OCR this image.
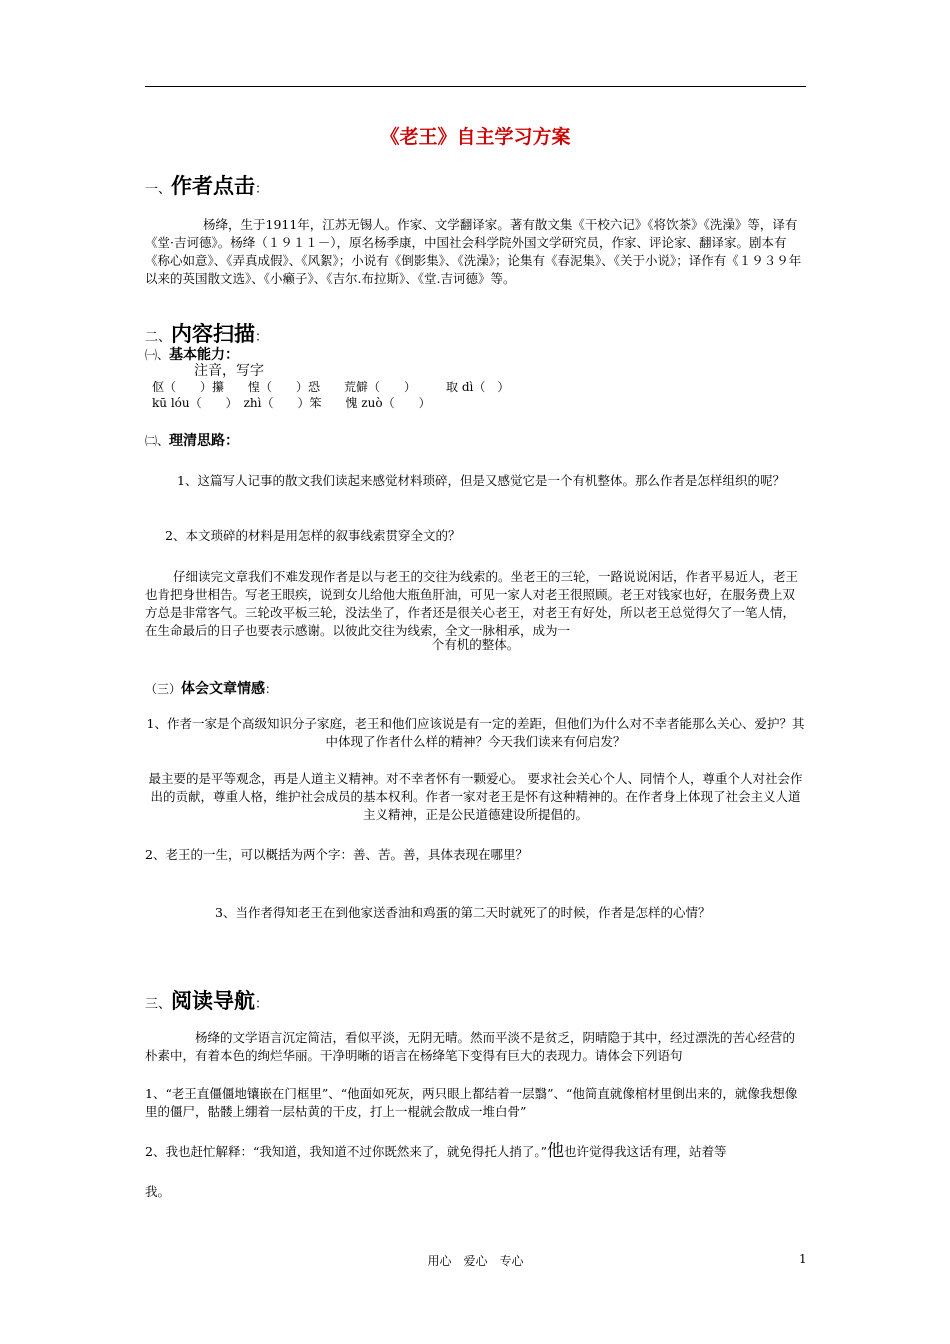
《老王》自主学习方案
一、作者点击：
杨绛，生于1911年，江苏无锡人。作家、文学翻译家。著有散文集《干校六记》《将饮茶》《洗澡》等，译有《堂·吉诃德》。杨绛（１９１１－），原名杨季康，中国社会科学院外国文学研究员，作家、评论家、翻译家。剧本有《称心如意》、《弄真成假》、《风絮》；小说有《倒影集》、《洗澡》；论集有《春泥集》、《关于小说》；译作有《１９３９年以来的英国散文选》、《小癞子》、《吉尔.布拉斯》、《堂.吉诃德》等。
二、内容扫描：
㈠、基本能力：
注音，写字
伛（　　）攥　　惶（　　）恐　　荒僻（　　）　　　取 dì（　）
kū lóu（　　）　zhì（　　）笨　　愧 zuò（　　）
㈡、理清思路：
1、这篇写人记事的散文我们读起来感觉材料琐碎，但是又感觉它是一个有机整体。那么作者是怎样组织的呢？
2、本文琐碎的材料是用怎样的叙事线索贯穿全文的？
仔细读完文章我们不难发现作者是以与老王的交往为线索的。坐老王的三轮，一路说说闲话，作者平易近人，老王也肯把身世相告。写老王眼疾，说到女儿给他大瓶鱼肝油，可见一家人对老王很照顾。老王对钱家也好，在服务费上双方总是非常客气。三轮改平板三轮，没法坐了，作者还是很关心老王，对老王有好处，所以老王总觉得欠了一笔人情，在生命最后的日子也要表示感谢。以彼此交往为线索，全文一脉相承，成为一
个有机的整体。
（三）体会文章情感：
1、作者一家是个高级知识分子家庭，老王和他们应该说是有一定的差距，但他们为什么对不幸者能那么关心、爱护？其中体现了作者什么样的精神？今天我们读来有何启发？
最主要的是平等观念，再是人道主义精神。对不幸者怀有一颗爱心。 要求社会关心个人、同情个人，尊重个人对社会作出的贡献，尊重人格，维护社会成员的基本权利。作者一家对老王是怀有这种精神的。在作者身上体现了社会主义人道主义精神，正是公民道德建设所提倡的。
2、老王的一生，可以概括为两个字：善、苦。善，具体表现在哪里？
3、当作者得知老王在到他家送香油和鸡蛋的第二天时就死了的时候，作者是怎样的心情？
三、阅读导航：
杨绛的文学语言沉定简洁，看似平淡，无阴无晴。然而平淡不是贫乏，阴晴隐于其中，经过漂洗的苦心经营的朴素中，有着本色的绚烂华丽。干净明晰的语言在杨绛笔下变得有巨大的表现力。请体会下列语句
1、“老王直僵僵地镶嵌在门框里”、“他面如死灰，两只眼上都结着一层翳”、“他简直就像棺材里倒出来的，就像我想像里的僵尸，骷髅上绷着一层枯黄的干皮，打上一棍就会散成一堆白骨”
2、我也赶忙解释：“我知道，我知道不过你既然来了，就免得托人捎了。”他也许觉得我这话有理，站着等
我。
用心　爱心　专心	1
